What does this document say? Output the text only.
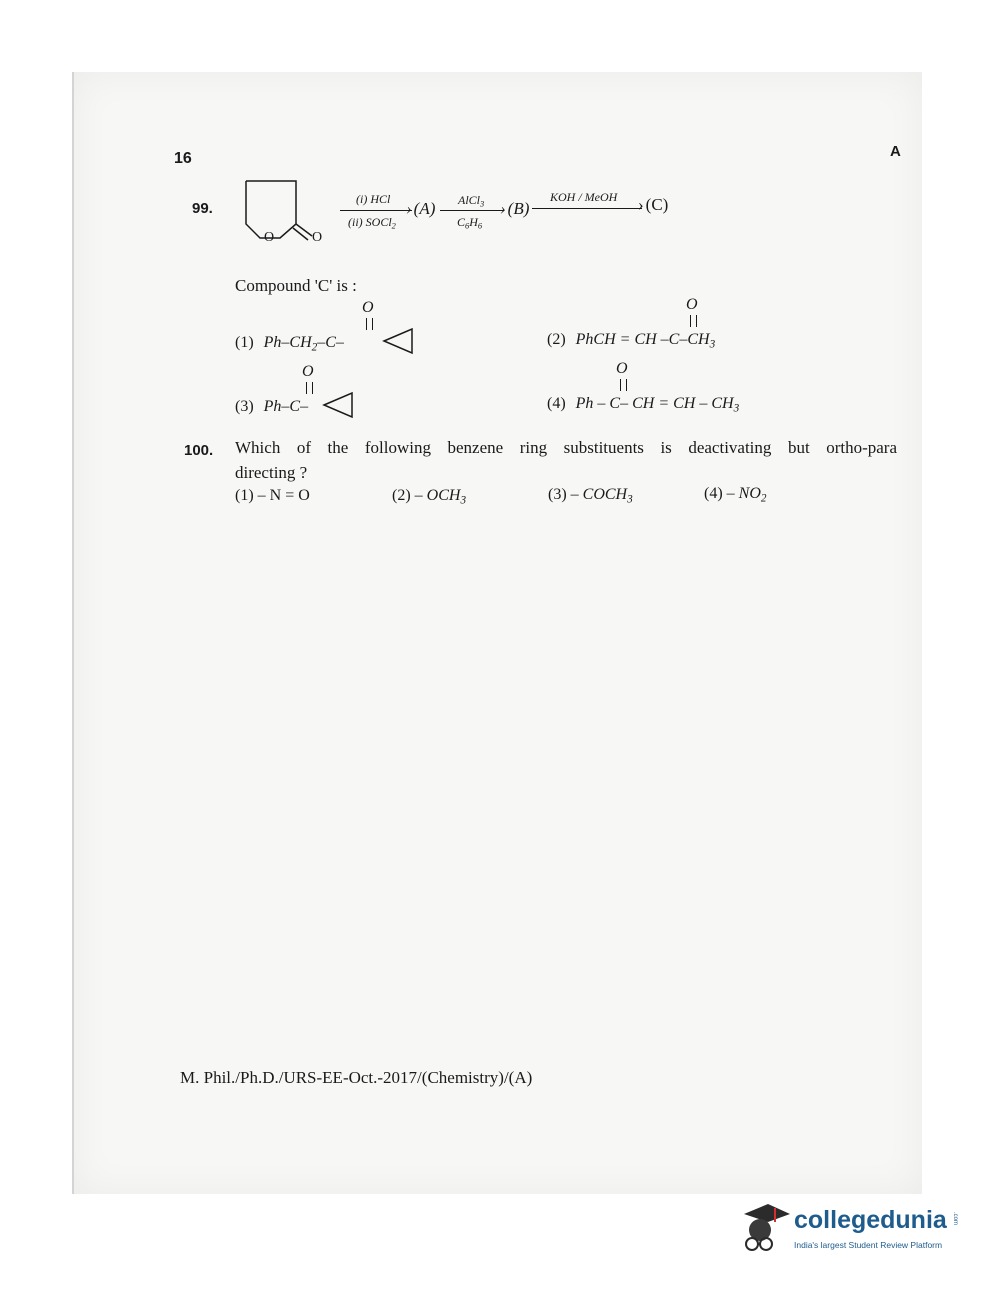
16	A
99.
O	O
(i) HCl
(ii) SOCl$_2$
› (A) AlCl$_3$
$C_6H_6$
› (B)
KOH / MeOH › (C)
Compound 'C' is :
O
(1) $Ph-CH_2-C-$
O
(2) PhCH = CH $-C-CH_3$
O
(3) Ph–C–
O
(4) Ph – C– CH = CH – $CH_3$
100. Which of the following benzene ring substituents is deactivating but ortho-para
directing ?
(1) – N = O	$(2) - OCH_3$	$(3) - COCH_3$	$(4) - NO_2$
M. Phil./Ph.D./URS-EE-Oct.-2017/(Chemistry)/(A)
collegedunia .com
India's largest Student Review Platform
